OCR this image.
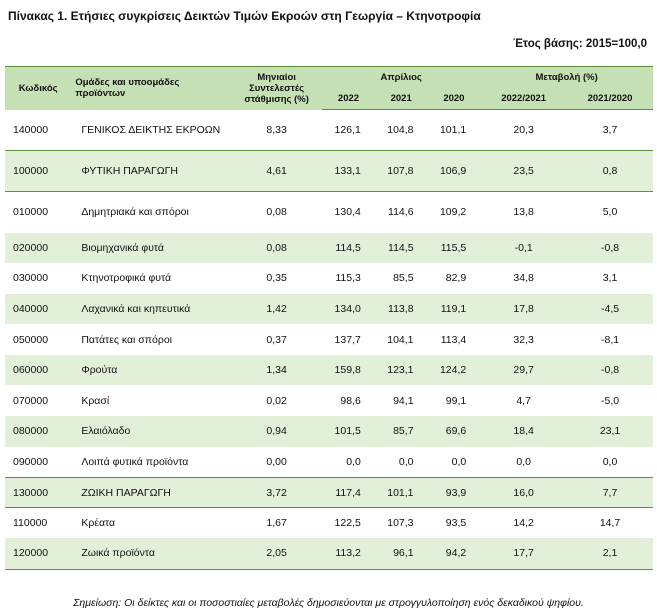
Πίνακας 1. Ετήσιες συγκρίσεις Δεικτών Τιμών Εκροών στη Γεωργία – Κτηνοτροφία
Έτος βάσης: 2015=100,0
Κωδικός	Ομάδες και υποομάδες προϊόντων	Μηνιαίοι Συντελεστές στάθμισης (%)	Απρίλιος			Μεταβολή (%)	
			2022	2021	2020	2022/2021	2021/2020
140000	ΓΕΝΙΚΟΣ ΔΕΙΚΤΗΣ ΕΚΡΟΩΝ	8,33	126,1	104,8	101,1	20,3	3,7
100000	ΦΥΤΙΚΗ ΠΑΡΑΓΩΓΗ	4,61	133,1	107,8	106,9	23,5	0,8
010000	Δημητριακά και σπόροι	0,08	130,4	114,6	109,2	13,8	5,0
020000	Βιομηχανικά φυτά	0,08	114,5	114,5	115,5	-0,1	-0,8
030000	Κτηνοτροφικά φυτά	0,35	115,3	85,5	82,9	34,8	3,1
040000	Λαχανικά και κηπευτικά	1,42	134,0	113,8	119,1	17,8	-4,5
050000	Πατάτες και σπόροι	0,37	137,7	104,1	113,4	32,3	-8,1
060000	Φρούτα	1,34	159,8	123,1	124,2	29,7	-0,8
070000	Κρασί	0,02	98,6	94,1	99,1	4,7	-5,0
080000	Ελαιόλαδο	0,94	101,5	85,7	69,6	18,4	23,1
090000	Λοιπά φυτικά προϊόντα	0,00	0,0	0,0	0,0	0,0	0,0
130000	ΖΩΙΚΗ ΠΑΡΑΓΩΓΗ	3,72	117,4	101,1	93,9	16,0	7,7
110000	Κρέατα	1,67	122,5	107,3	93,5	14,2	14,7
120000	Ζωικά προϊόντα	2,05	113,2	96,1	94,2	17,7	2,1
Σημείωση: Οι δείκτες και οι ποσοστιαίες μεταβολές δημοσιεύονται με στρογγυλοποίηση ενός δεκαδικού ψηφίου.
